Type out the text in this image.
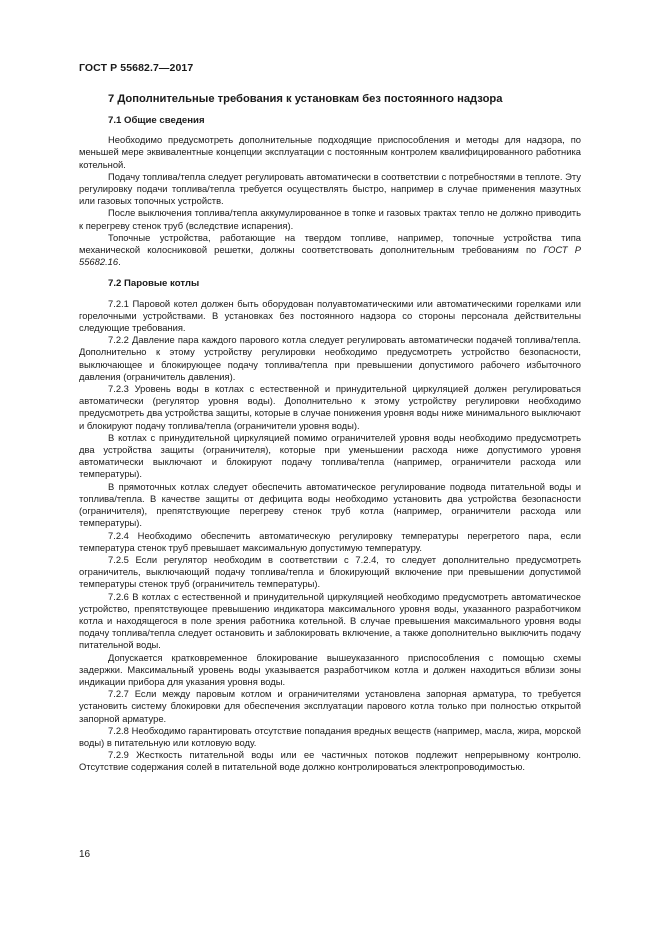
ГОСТ Р 55682.7—2017
7 Дополнительные требования к установкам без постоянного надзора
7.1 Общие сведения

Необходимо предусмотреть дополнительные подходящие приспособления и методы для надзора, по меньшей мере эквивалентные концепции эксплуатации с постоянным контролем квалифицированного работника котельной.

Подачу топлива/тепла следует регулировать автоматически в соответствии с потребностями в теплоте. Эту регулировку подачи топлива/тепла требуется осуществлять быстро, например в случае применения мазутных или газовых топочных устройств.

После выключения топлива/тепла аккумулированное в топке и газовых трактах тепло не должно приводить к перегреву стенок труб (вследствие испарения).

Топочные устройства, работающие на твердом топливе, например, топочные устройства типа механической колосниковой решетки, должны соответствовать дополнительным требованиям по ГОСТ Р 55682.16.

7.2 Паровые котлы

7.2.1 Паровой котел должен быть оборудован полуавтоматическими или автоматическими горелками или горелочными устройствами. В установках без постоянного надзора со стороны персонала действительны следующие требования.

7.2.2 Давление пара каждого парового котла следует регулировать автоматически подачей топлива/тепла. Дополнительно к этому устройству регулировки необходимо предусмотреть устройство безопасности, выключающее и блокирующее подачу топлива/тепла при превышении допустимого рабочего избыточного давления (ограничитель давления).

7.2.3 Уровень воды в котлах с естественной и принудительной циркуляцией должен регулироваться автоматически (регулятор уровня воды). Дополнительно к этому устройству регулировки необходимо предусмотреть два устройства защиты, которые в случае понижения уровня воды ниже минимального выключают и блокируют подачу топлива/тепла (ограничители уровня воды).

В котлах с принудительной циркуляцией помимо ограничителей уровня воды необходимо предусмотреть два устройства защиты (ограничителя), которые при уменьшении расхода ниже допустимого уровня автоматически выключают и блокируют подачу топлива/тепла (например, ограничители расхода или температуры).

В прямоточных котлах следует обеспечить автоматическое регулирование подвода питательной воды и топлива/тепла. В качестве защиты от дефицита воды необходимо установить два устройства безопасности (ограничителя), препятствующие перегреву стенок труб котла (например, ограничители расхода или температуры).

7.2.4 Необходимо обеспечить автоматическую регулировку температуры перегретого пара, если температура стенок труб превышает максимальную допустимую температуру.

7.2.5 Если регулятор необходим в соответствии с 7.2.4, то следует дополнительно предусмотреть ограничитель, выключающий подачу топлива/тепла и блокирующий включение при превышении допустимой температуры стенок труб (ограничитель температуры).

7.2.6 В котлах с естественной и принудительной циркуляцией необходимо предусмотреть автоматическое устройство, препятствующее превышению индикатора максимального уровня воды, указанного разработчиком котла и находящегося в поле зрения работника котельной. В случае превышения максимального уровня воды подачу топлива/тепла следует остановить и заблокировать включение, а также дополнительно выключить подачу питательной воды.

Допускается кратковременное блокирование вышеуказанного приспособления с помощью схемы задержки. Максимальный уровень воды указывается разработчиком котла и должен находиться вблизи зоны индикации прибора для указания уровня воды.

7.2.7 Если между паровым котлом и ограничителями установлена запорная арматура, то требуется установить систему блокировки для обеспечения эксплуатации парового котла только при полностью открытой запорной арматуре.

7.2.8 Необходимо гарантировать отсутствие попадания вредных веществ (например, масла, жира, морской воды) в питательную или котловую воду.

7.2.9 Жесткость питательной воды или ее частичных потоков подлежит непрерывному контролю. Отсутствие содержания солей в питательной воде должно контролироваться электропроводимостью.

16
